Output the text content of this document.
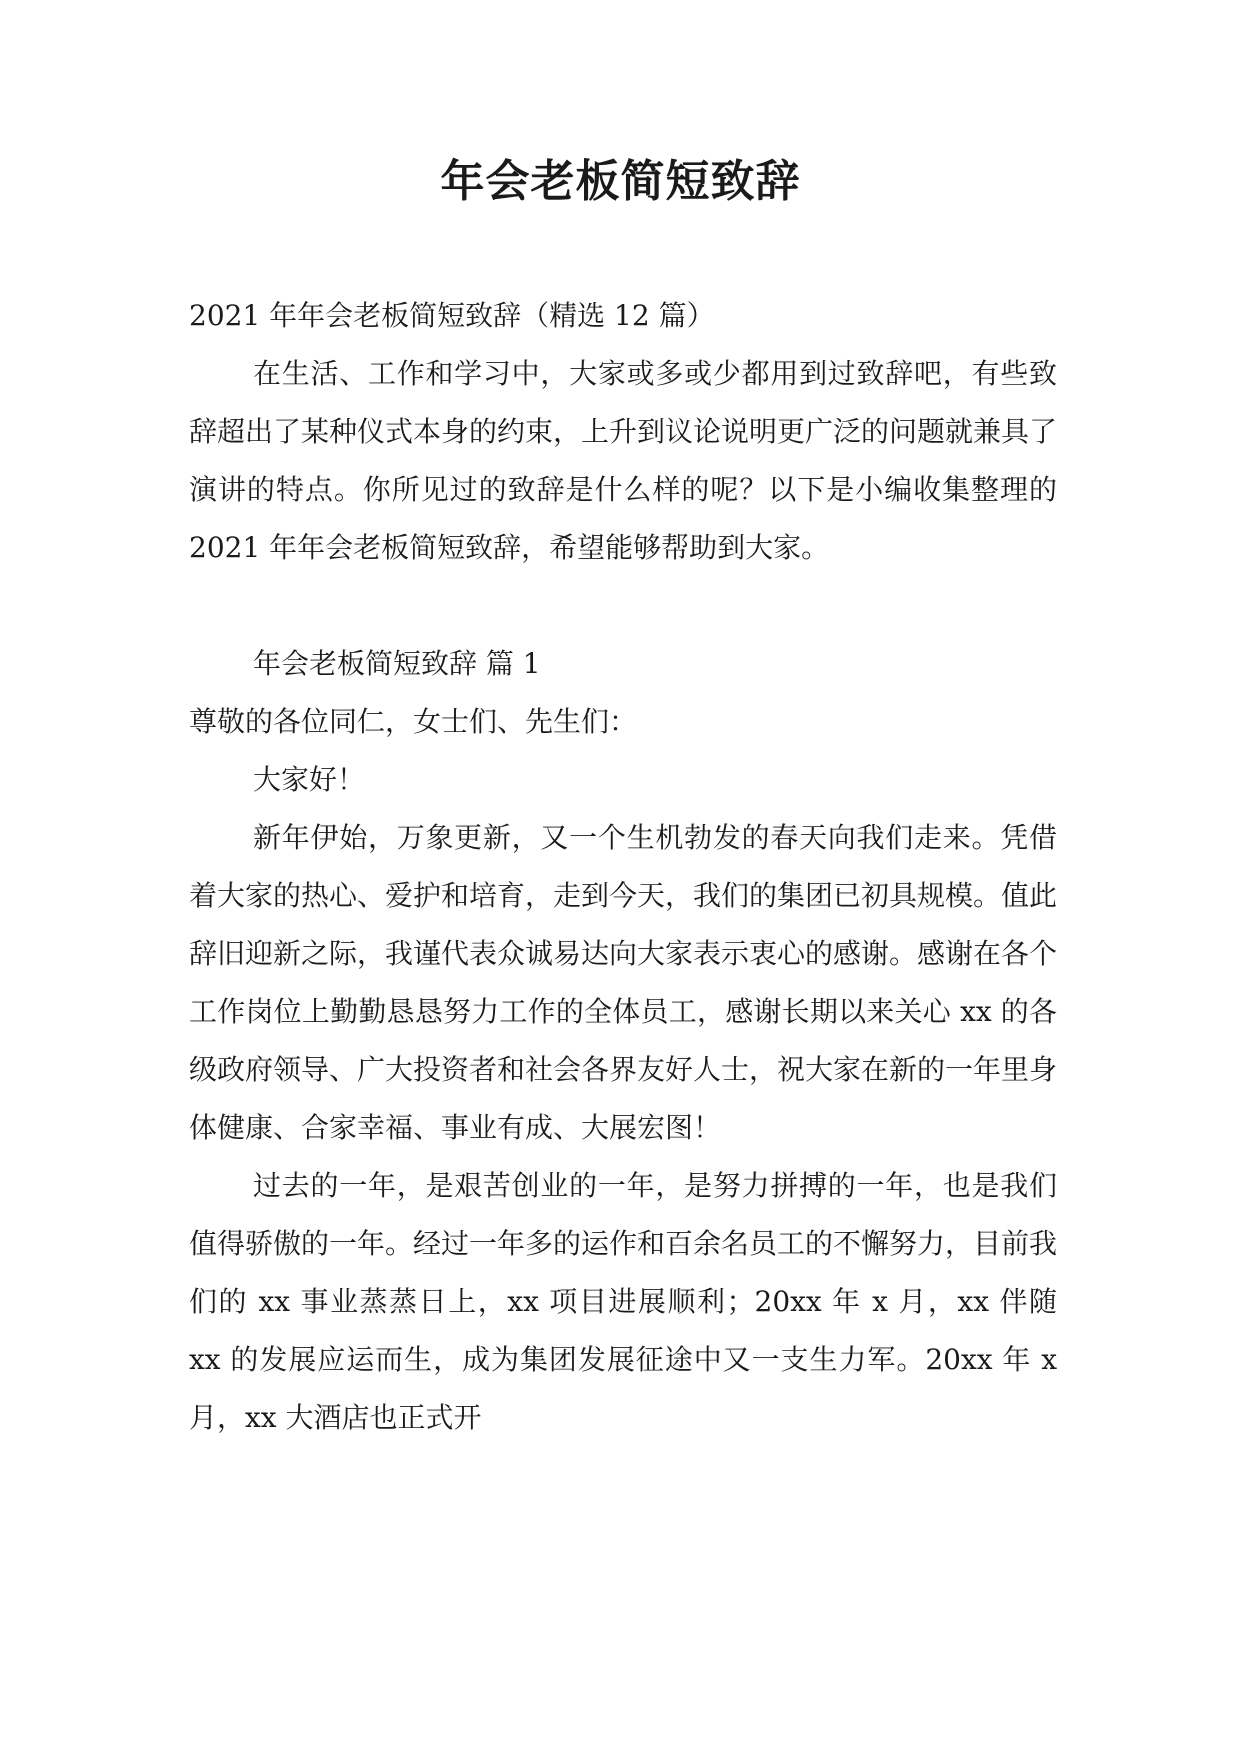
年会老板简短致辞

2021 年年会老板简短致辞（精选 12 篇）

在生活、工作和学习中，大家或多或少都用到过致辞吧，有些致辞超出了某种仪式本身的约束，上升到议论说明更广泛的问题就兼具了演讲的特点。你所见过的致辞是什么样的呢？以下是小编收集整理的 2021 年年会老板简短致辞，希望能够帮助到大家。

年会老板简短致辞 篇 1

尊敬的各位同仁，女士们、先生们：

大家好！

新年伊始，万象更新，又一个生机勃发的春天向我们走来。凭借着大家的热心、爱护和培育，走到今天，我们的集团已初具规模。值此辞旧迎新之际，我谨代表众诚易达向大家表示衷心的感谢。感谢在各个工作岗位上勤勤恳恳努力工作的全体员工，感谢长期以来关心 xx 的各级政府领导、广大投资者和社会各界友好人士，祝大家在新的一年里身体健康、合家幸福、事业有成、大展宏图！

过去的一年，是艰苦创业的一年，是努力拼搏的一年，也是我们值得骄傲的一年。经过一年多的运作和百余名员工的不懈努力，目前我们的 xx 事业蒸蒸日上，xx 项目进展顺利；20xx 年 x 月，xx 伴随 xx 的发展应运而生，成为集团发展征途中又一支生力军。20xx 年 x 月，xx 大酒店也正式开
